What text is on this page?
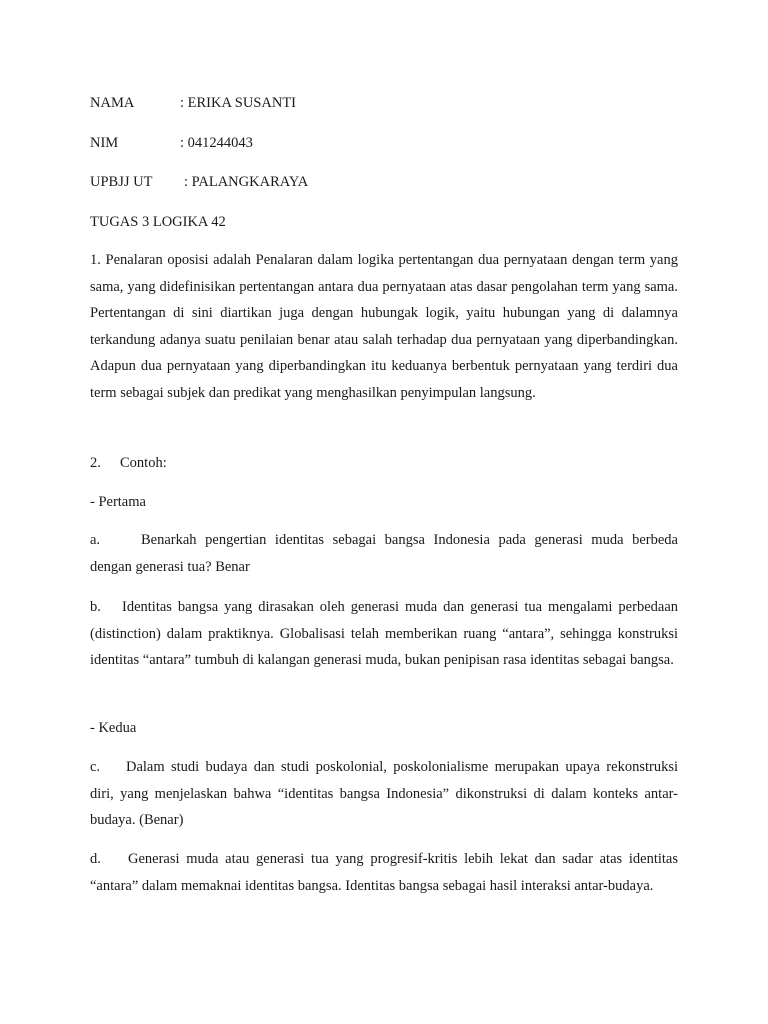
NAMA	: ERIKA SUSANTI
NIM	: 041244043
UPBJJ UT : PALANGKARAYA
TUGAS 3 LOGIKA 42
1. Penalaran oposisi adalah Penalaran dalam logika pertentangan dua pernyataan dengan term yang sama, yang didefinisikan pertentangan antara dua pernyataan atas dasar pengolahan term yang sama. Pertentangan di sini diartikan juga dengan hubungak logik, yaitu hubungan yang di dalamnya terkandung adanya suatu penilaian benar atau salah terhadap dua pernyataan yang diperbandingkan. Adapun dua pernyataan yang diperbandingkan itu keduanya berbentuk pernyataan yang terdiri dua term sebagai subjek dan predikat yang menghasilkan penyimpulan langsung.
2. Contoh:
- Pertama
a.	Benarkah pengertian identitas sebagai bangsa Indonesia pada generasi muda berbeda dengan generasi tua? Benar
b. Identitas bangsa yang dirasakan oleh generasi muda dan generasi tua mengalami perbedaan (distinction) dalam praktiknya. Globalisasi telah memberikan ruang “antara”, sehingga konstruksi identitas “antara” tumbuh di kalangan generasi muda, bukan penipisan rasa identitas sebagai bangsa.
- Kedua
c. Dalam studi budaya dan studi poskolonial, poskolonialisme merupakan upaya rekonstruksi diri, yang menjelaskan bahwa “identitas bangsa Indonesia” dikonstruksi di dalam konteks antar-budaya. (Benar)
d. Generasi muda atau generasi tua yang progresif-kritis lebih lekat dan sadar atas identitas “antara” dalam memaknai identitas bangsa. Identitas bangsa sebagai hasil interaksi antar-budaya.
